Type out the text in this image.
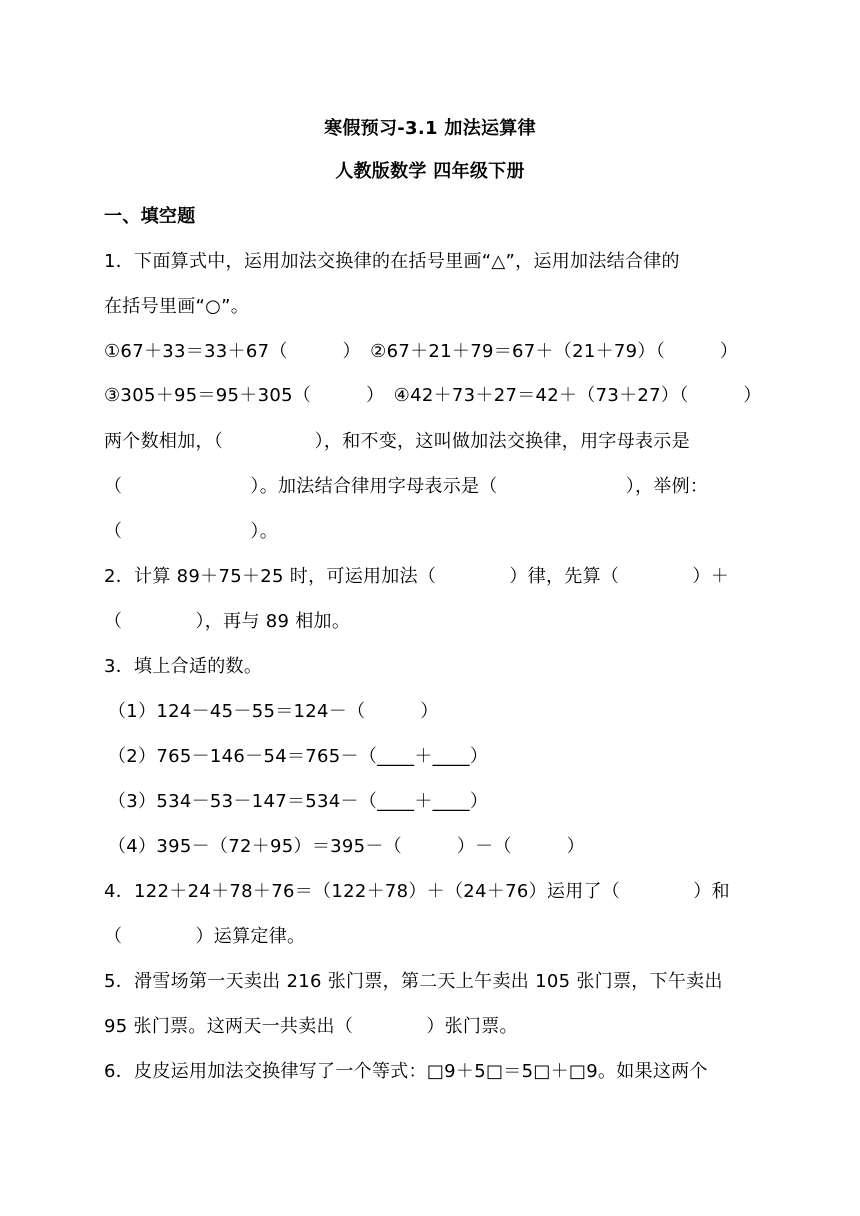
寒假预习-3.1 加法运算律
人教版数学 四年级下册
一、填空题
1．下面算式中，运用加法交换律的在括号里画“△”，运用加法结合律的
在括号里画“○”。
①67＋33＝33＋67（　　　）　②67＋21＋79＝67＋（21＋79）（　　　）
③305＋95＝95＋305（　　　）　④42＋73＋27＝42＋（73＋27）（　　　）
两个数相加，（　　　　　），和不变，这叫做加法交换律，用字母表示是
（　　　　　　　）。加法结合律用字母表示是（　　　　　　　），举例：
（　　　　　　　）。
2．计算 89＋75＋25 时，可运用加法（　　　　）律，先算（　　　　）＋
（　　　　），再与 89 相加。
3．填上合适的数。
（1）124－45－55＝124－（　　　）
（2）765－146－54＝765－（____＋____）
（3）534－53－147＝534－（____＋____）
（4）395－（72＋95）＝395－（　　　）－（　　　）
4．122＋24＋78＋76＝（122＋78）＋（24＋76）运用了（　　　　）和
（　　　　）运算定律。
5．滑雪场第一天卖出 216 张门票，第二天上午卖出 105 张门票，下午卖出
95 张门票。这两天一共卖出（　　　　）张门票。
6．皮皮运用加法交换律写了一个等式：□9＋5□＝5□＋□9。如果这两个
